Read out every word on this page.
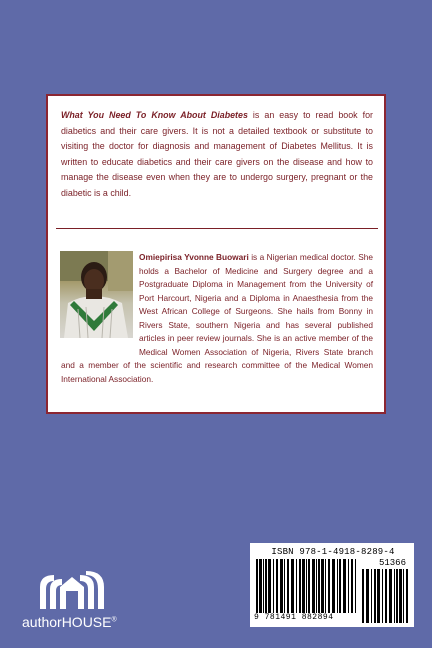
What You Need To Know About Diabetes is an easy to read book for diabetics and their care givers. It is not a detailed textbook or substitute to visiting the doctor for diagnosis and management of Diabetes Mellitus. It is written to educate diabetics and their care givers on the disease and how to manage the disease even when they are to undergo surgery, pregnant or the diabetic is a child.

Omiepirisa Yvonne Buowari is a Nigerian medical doctor. She holds a Bachelor of Medicine and Surgery degree and a Postgraduate Diploma in Management from the University of Port Harcourt, Nigeria and a Diploma in Anaesthesia from the West African College of Surgeons. She hails from Bonny in Rivers State, southern Nigeria and has several published articles in peer review journals. She is an active member of the Medical Women Association of Nigeria, Rivers State branch and a member of the scientific and research committee of the Medical Women International Association.

authorHOUSE®
ISBN 978-1-4918-8289-4
51366
9 781491 882894
